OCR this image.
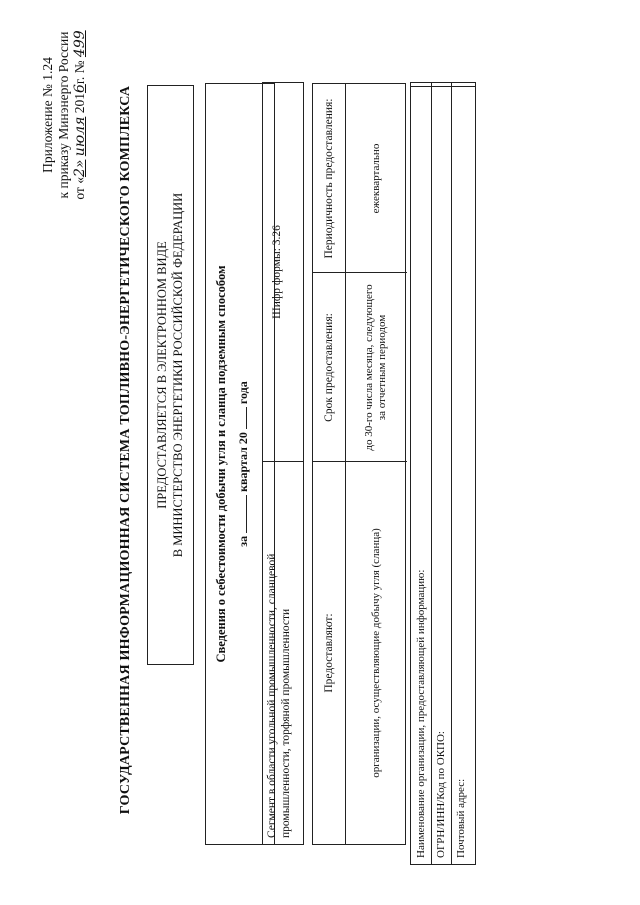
Приложение № 1.24 к приказу Минэнерго России от «2» июля 2016г. № 499
ГОСУДАРСТВЕННАЯ ИНФОРМАЦИОННАЯ СИСТЕМА ТОПЛИВНО-ЭНЕРГЕТИЧЕСКОГО КОМПЛЕКСА ПРЕДОСТАВЛЯЕТСЯ В ЭЛЕКТРОННОМ ВИДЕ В МИНИСТЕРСТВО ЭНЕРГЕТИКИ РОССИЙСКОЙ ФЕДЕРАЦИИ Сведения о себестоимости добычи угля и сланца подземным способом за  квартал 20  года
Сегмент в области угольной промышленности, сланцевой промышленности, торфяной промышленности
Шифр формы: 3.26
Предоставляют:
Срок предоставления:
Периодичность предоставления:
организации, осуществляющие добычу угля (сланца)
до 30-го числа месяца, следующего за отчетным периодом
ежеквартально
Наименование организации, предоставляющей информацию: ОГРН/ИНН/Код по ОКПО: Почтовый адрес:
